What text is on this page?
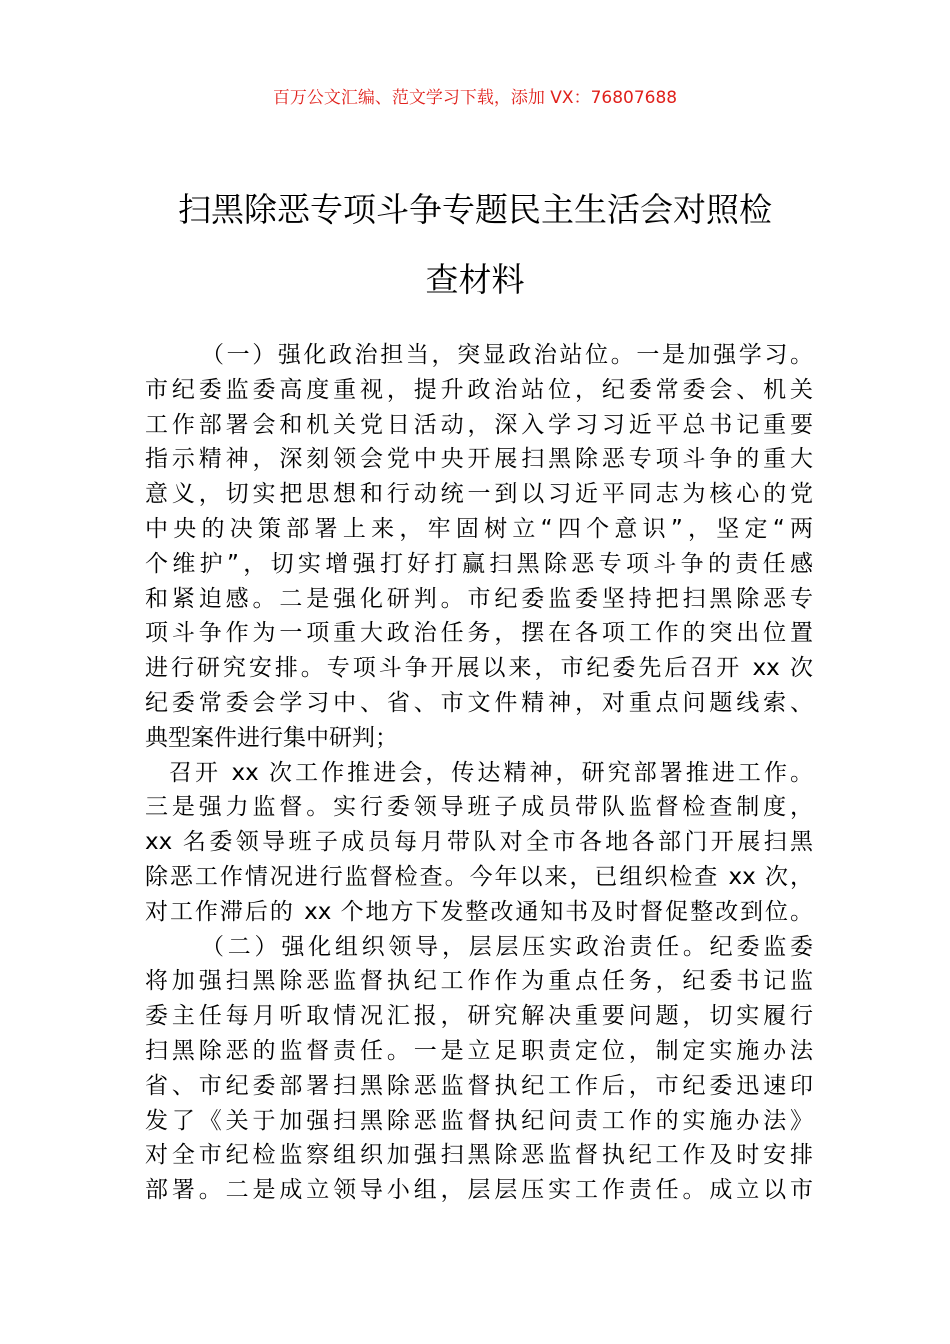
百万公文汇编、范文学习下载，添加 VX：76807688

扫黑除恶专项斗争专题民主生活会对照检
查材料
（一）强化政治担当，突显政治站位。一是加强学习。
市纪委监委高度重视，提升政治站位，纪委常委会、机关
工作部署会和机关党日活动，深入学习习近平总书记重要
指示精神，深刻领会党中央开展扫黑除恶专项斗争的重大
意义，切实把思想和行动统一到以习近平同志为核心的党
中央的决策部署上来，牢固树立“四个意识”，坚定“两
个维护”，切实增强打好打赢扫黑除恶专项斗争的责任感
和紧迫感。二是强化研判。市纪委监委坚持把扫黑除恶专
项斗争作为一项重大政治任务，摆在各项工作的突出位置
进行研究安排。专项斗争开展以来，市纪委先后召开 xx 次
纪委常委会学习中、省、市文件精神，对重点问题线索、
典型案件进行集中研判；
召开 xx 次工作推进会，传达精神，研究部署推进工作。
三是强力监督。实行委领导班子成员带队监督检查制度，
xx 名委领导班子成员每月带队对全市各地各部门开展扫黑
除恶工作情况进行监督检查。今年以来，已组织检查 xx 次，
对工作滞后的 xx 个地方下发整改通知书及时督促整改到位。
（二）强化组织领导，层层压实政治责任。纪委监委
将加强扫黑除恶监督执纪工作作为重点任务，纪委书记监
委主任每月听取情况汇报，研究解决重要问题，切实履行
扫黑除恶的监督责任。一是立足职责定位，制定实施办法
省、市纪委部署扫黑除恶监督执纪工作后，市纪委迅速印
发了《关于加强扫黑除恶监督执纪问责工作的实施办法》
对全市纪检监察组织加强扫黑除恶监督执纪工作及时安排
部署。二是成立领导小组，层层压实工作责任。成立以市
